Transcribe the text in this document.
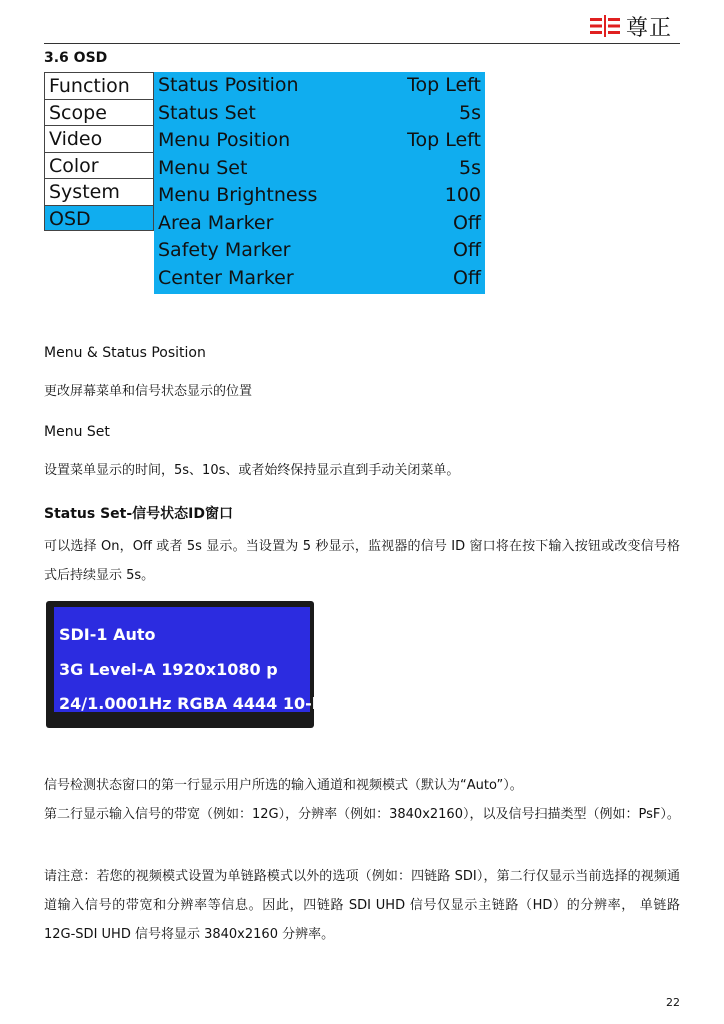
尊正
3.6 OSD
Function
Scope
Video
Color
System
OSD
Status Position	Top Left
Status Set	5s
Menu Position	Top Left
Menu Set	5s
Menu Brightness	100
Area Marker	Off
Safety Marker	Off
Center Marker	Off
Menu & Status Position
更改屏幕菜单和信号状态显示的位置
Menu Set
设置菜单显示的时间，5s、10s、或者始终保持显示直到手动关闭菜单。
Status Set-信号状态ID窗口
可以选择 On，Off 或者 5s 显示。当设置为 5 秒显示，监视器的信号 ID 窗口将在按下输入按钮或改变信号格式后持续显示 5s。
SDI-1 Auto
3G Level-A 1920x1080 p
24/1.0001Hz RGBA 4444 10-bit
信号检测状态窗口的第一行显示用户所选的输入通道和视频模式（默认为“Auto”）。
第二行显示输入信号的带宽（例如：12G），分辨率（例如：3840x2160），以及信号扫描类型（例如：PsF）。
请注意：若您的视频模式设置为单链路模式以外的选项（例如：四链路 SDI），第二行仅显示当前选择的视频通道输入信号的带宽和分辨率等信息。因此，四链路 SDI UHD 信号仅显示主链路（HD）的分辨率， 单链路 12G-SDI UHD 信号将显示 3840x2160 分辨率。
22
